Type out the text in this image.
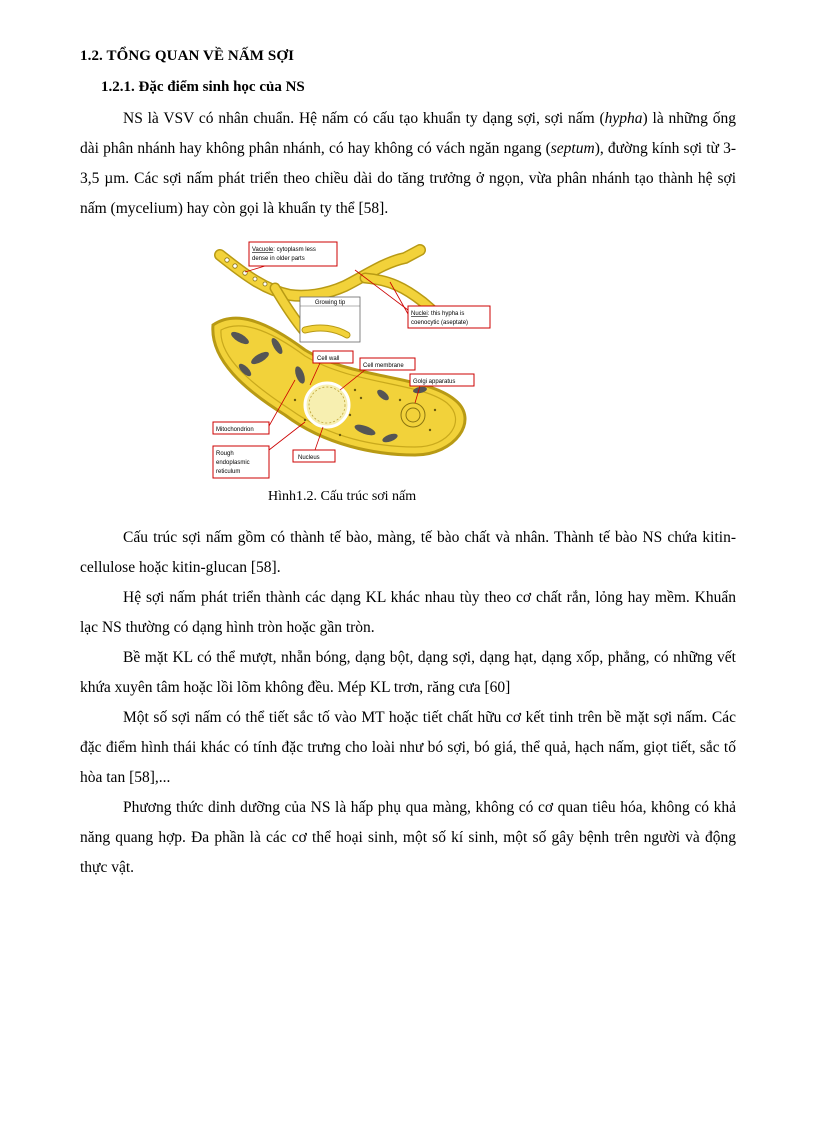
1.2. TỔNG QUAN VỀ NẤM SỢI
1.2.1. Đặc điểm sinh học của NS

NS là VSV có nhân chuẩn. Hệ nấm có cấu tạo khuẩn ty dạng sợi, sợi nấm (hypha) là những ống dài phân nhánh hay không phân nhánh, có hay không có vách ngăn ngang (septum), đường kính sợi từ 3-3,5 µm. Các sợi nấm phát triển theo chiều dài do tăng trưởng ở ngọn, vừa phân nhánh tạo thành hệ sợi nấm (mycelium) hay còn gọi là khuẩn ty thể [58].

Growing tip
Vacuole: cytoplasm less
dense in older parts
Nuclei: this hypha is
coenocytic (aseptate)
Cell wall
Cell membrane
Golgi apparatus
Mitochondrion
Rough
endoplasmic
reticulum
Nucleus
Hình1.2. Cấu trúc sơi nấm

Cấu trúc sợi nấm gồm có thành tế bào, màng, tế bào chất và nhân. Thành tế bào NS chứa kitin-cellulose hoặc kitin-glucan [58].

Hệ sợi nấm phát triển thành các dạng KL khác nhau tùy theo cơ chất rắn, lỏng hay mềm. Khuẩn lạc NS thường có dạng hình tròn hoặc gần tròn.

Bề mặt KL có thể mượt, nhẵn bóng, dạng bột, dạng sợi, dạng hạt, dạng xốp, phẳng, có những vết khứa xuyên tâm hoặc lồi lõm không đều. Mép KL trơn, răng cưa [60]

Một số sợi nấm có thể tiết sắc tố vào MT hoặc tiết chất hữu cơ kết tinh trên bề mặt sợi nấm. Các đặc điểm hình thái khác có tính đặc trưng cho loài như bó sợi, bó giá, thể quả, hạch nấm, giọt tiết, sắc tố hòa tan [58],...

Phương thức dinh dưỡng của NS là hấp phụ qua màng, không có cơ quan tiêu hóa, không có khả năng quang hợp. Đa phần là các cơ thể hoại sinh, một số kí sinh, một số gây bệnh trên người và động thực vật.
